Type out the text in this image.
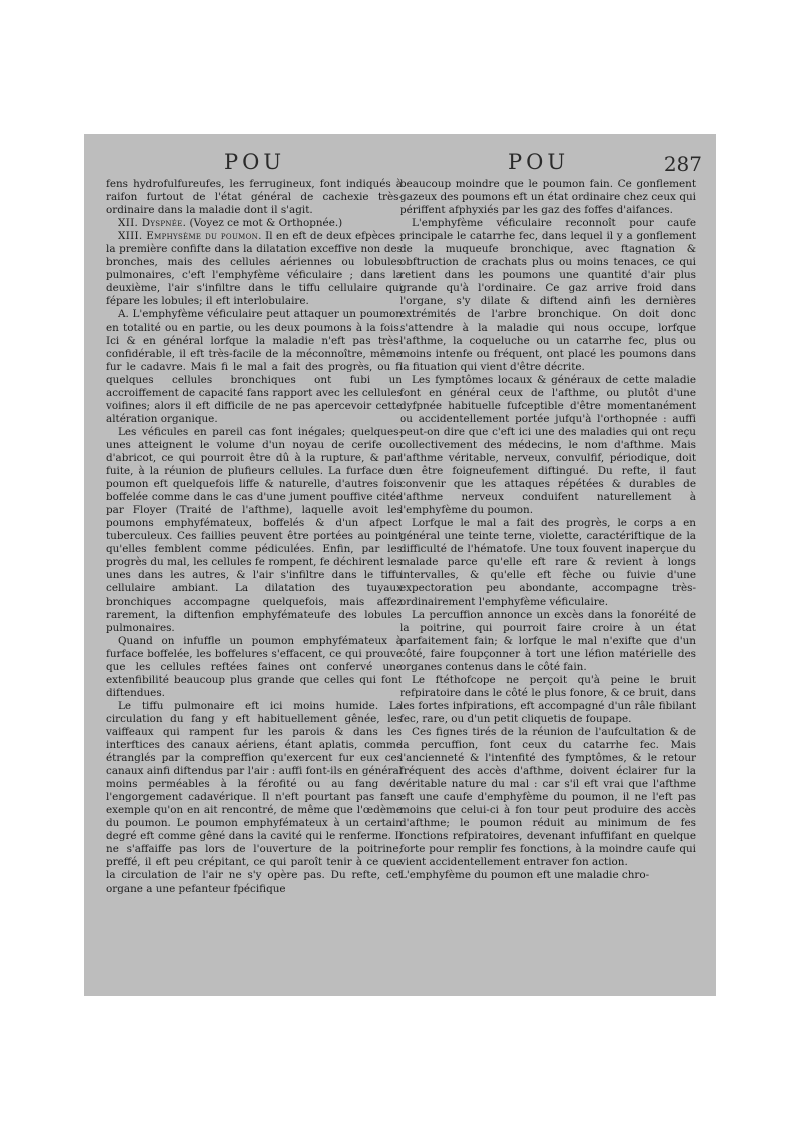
POU	POU	287

fens hydrofulfureufes, les ferrugineux, font indiqués à raifon furtout de l'état général de cachexie très-ordinaire dans la maladie dont il s'agit.

XII. Dyspnée. (Voyez ce mot & Orthopnée.)

XIII. Emphysème du poumon. Il en eft de deux efpèces : la première confifte dans la dilatation exceffive non des bronches, mais des cellules aériennes ou lobules pulmonaires, c'eft l'emphyfème véficulaire ; dans la deuxième, l'air s'infiltre dans le tiffu cellulaire qui fépare les lobules; il eft interlobulaire.

A. L'emphyfème véficulaire peut attaquer un poumon en totalité ou en partie, ou les deux poumons à la fois. Ici & en général lorfque la maladie n'eft pas très-confidérable, il eft très-facile de la méconnoître, même fur le cadavre. Mais fi le mal a fait des progrès, ou fi quelques cellules bronchiques ont fubi un accroiffement de capacité fans rapport avec les cellules voifines; alors il eft difficile de ne pas apercevoir cette altération organique.

Les véficules en pareil cas font inégales; quelques-unes atteignent le volume d'un noyau de cerife ou d'abricot, ce qui pourroit être dû à la rupture, & par fuite, à la réunion de plufieurs cellules. La furface du poumon eft quelquefois liffe & naturelle, d'autres fois boffelée comme dans le cas d'une jument pouffive citée par Floyer (Traité de l'afthme), laquelle avoit les poumons emphyfémateux, boffelés & d'un afpect tuberculeux. Ces faillies peuvent être portées au point qu'elles femblent comme pédiculées. Enfin, par les progrès du mal, les cellules fe rompent, fe déchirent les unes dans les autres, & l'air s'infiltre dans le tiffu cellulaire ambiant. La dilatation des tuyaux bronchiques accompagne quelquefois, mais affez rarement, la diftenfion emphyfémateufe des lobules pulmonaires.

Quand on infuffle un poumon emphyfémateux à furface boffelée, les boffelures s'effacent, ce qui prouve que les cellules reftées faines ont confervé une extenfibilité beaucoup plus grande que celles qui font diftendues.

Le tiffu pulmonaire eft ici moins humide. La circulation du fang y eft habituellement gênée, les vaiffeaux qui rampent fur les parois & dans les interftices des canaux aériens, étant aplatis, comme étranglés par la compreffion qu'exercent fur eux ces canaux ainfi diftendus par l'air : auffi font-ils en général moins perméables à la férofité ou au fang de l'engorgement cadavérique. Il n'eft pourtant pas fans exemple qu'on en ait rencontré, de même que l'œdème du poumon. Le poumon emphyfémateux à un certain degré eft comme gêné dans la cavité qui le renferme. Il ne s'affaiffe pas lors de l'ouverture de la poitrine; preffé, il eft peu crépitant, ce qui paroît tenir à ce que la circulation de l'air ne s'y opère pas. Du refte, cet organe a une pefanteur fpécifique

beaucoup moindre que le poumon fain. Ce gonflement gazeux des poumons eft un état ordinaire chez ceux qui périffent afphyxiés par les gaz des foffes d'aifances.

L'emphyfème véficulaire reconnoît pour caufe principale le catarrhe fec, dans lequel il y a gonflement de la muqueufe bronchique, avec ftagnation & obftruction de crachats plus ou moins tenaces, ce qui retient dans les poumons une quantité d'air plus grande qu'à l'ordinaire. Ce gaz arrive froid dans l'organe, s'y dilate & diftend ainfi les dernières extrémités de l'arbre bronchique. On doit donc s'attendre à la maladie qui nous occupe, lorfque l'afthme, la coqueluche ou un catarrhe fec, plus ou moins intenfe ou fréquent, ont placé les poumons dans la fituation qui vient d'être décrite.

Les fymptômes locaux & généraux de cette maladie font en général ceux de l'afthme, ou plutôt d'une dyfpnée habituelle fufceptible d'être momentanément ou accidentellement portée jufqu'à l'orthopnée : auffi peut-on dire que c'eft ici une des maladies qui ont reçu collectivement des médecins, le nom d'afthme. Mais l'afthme véritable, nerveux, convulfif, périodique, doit en être foigneufement diftingué. Du refte, il faut convenir que les attaques répétées & durables de l'afthme nerveux conduifent naturellement à l'emphyfème du poumon.

Lorfque le mal a fait des progrès, le corps a en général une teinte terne, violette, caractériftique de la difficulté de l'hématofe. Une toux fouvent inaperçue du malade parce qu'elle eft rare & revient à longs intervalles, & qu'elle eft fèche ou fuivie d'une expectoration peu abondante, accompagne très-ordinairement l'emphyfème véficulaire.

La percuffion annonce un excès dans la fonoréité de la poitrine, qui pourroit faire croire à un état parfaitement fain; & lorfque le mal n'exifte que d'un côté, faire foupçonner à tort une léfion matérielle des organes contenus dans le côté fain.

Le ftéthofcope ne perçoit qu'à peine le bruit refpiratoire dans le côté le plus fonore, & ce bruit, dans les fortes infpirations, eft accompagné d'un râle fibilant fec, rare, ou d'un petit cliquetis de foupape.

Ces fignes tirés de la réunion de l'aufcultation & de la percuffion, font ceux du catarrhe fec. Mais l'ancienneté & l'intenfité des fymptômes, & le retour fréquent des accès d'afthme, doivent éclairer fur la véritable nature du mal : car s'il eft vrai que l'afthme eft une caufe d'emphyfème du poumon, il ne l'eft pas moins que celui-ci à fon tour peut produire des accès d'afthme; le poumon réduit au minimum de fes fonctions refpiratoires, devenant infuffifant en quelque forte pour remplir fes fonctions, à la moindre caufe qui vient accidentellement entraver fon action.

L'emphyfème du poumon eft une maladie chro-
